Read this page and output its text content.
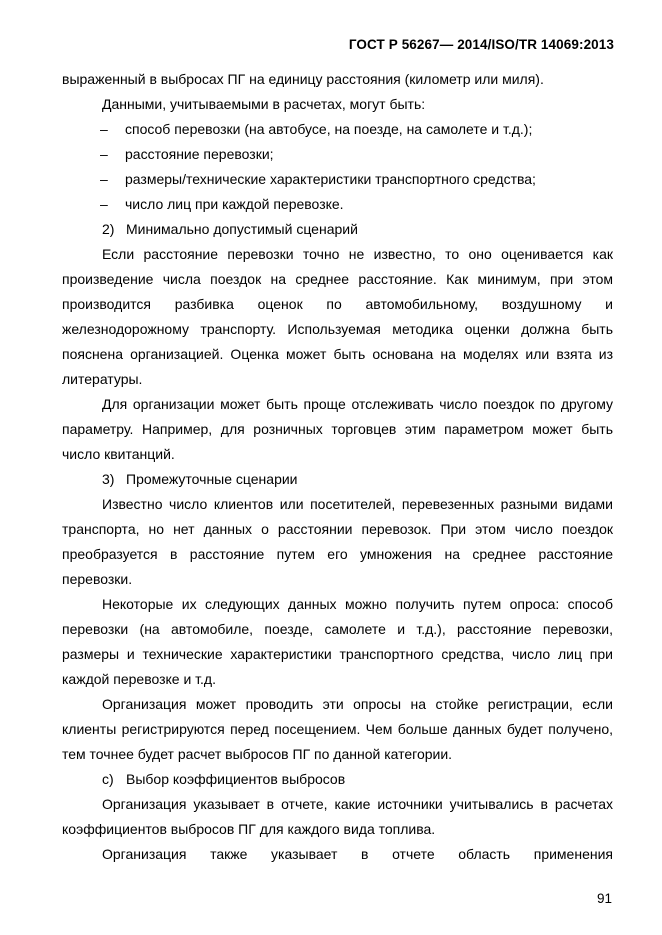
ГОСТ Р 56267— 2014/ISO/TR 14069:2013

выраженный в выбросах ПГ на единицу расстояния (километр или миля).

Данными, учитываемыми в расчетах, могут быть:

– способ перевозки (на автобусе, на поезде, на самолете и т.д.);

– расстояние перевозки;

– размеры/технические характеристики транспортного средства;

– число лиц при каждой перевозке.

2) Минимально допустимый сценарий

Если расстояние перевозки точно не известно, то оно оценивается как произведение числа поездок на среднее расстояние. Как минимум, при этом производится разбивка оценок по автомобильному, воздушному и железнодорожному транспорту. Используемая методика оценки должна быть пояснена организацией. Оценка может быть основана на моделях или взята из литературы.

Для организации может быть проще отслеживать число поездок по другому параметру. Например, для розничных торговцев этим параметром может быть число квитанций.

3) Промежуточные сценарии

Известно число клиентов или посетителей, перевезенных разными видами транспорта, но нет данных о расстоянии перевозок. При этом число поездок преобразуется в расстояние путем его умножения на среднее расстояние перевозки.

Некоторые их следующих данных можно получить путем опроса: способ перевозки (на автомобиле, поезде, самолете и т.д.), расстояние перевозки, размеры и технические характеристики транспортного средства, число лиц при каждой перевозке и т.д.

Организация может проводить эти опросы на стойке регистрации, если клиенты регистрируются перед посещением. Чем больше данных будет получено, тем точнее будет расчет выбросов ПГ по данной категории.

c) Выбор коэффициентов выбросов

Организация указывает в отчете, какие источники учитывались в расчетах коэффициентов выбросов ПГ для каждого вида топлива.

Организация также указывает в отчете область применения

91
